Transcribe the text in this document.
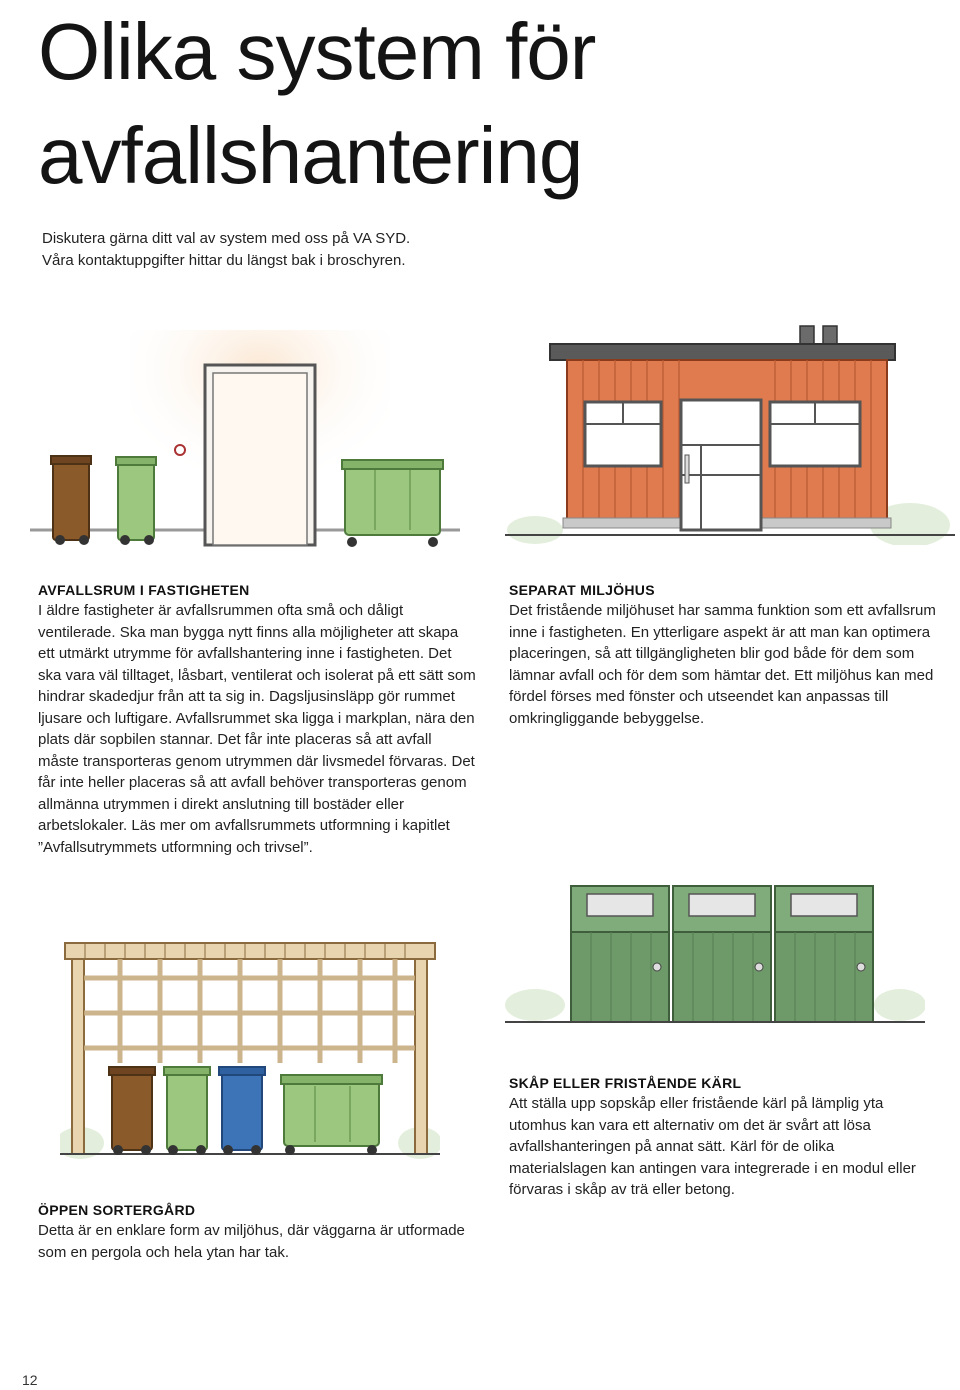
Olika system för avfallshantering
Diskutera gärna ditt val av system med oss på VA SYD.
Våra kontaktuppgifter hittar du längst bak i broschyren.
AVFALLSRUM I FASTIGHETEN

I äldre fastigheter är avfallsrummen ofta små och dåligt ventilerade. Ska man bygga nytt finns alla möjligheter att skapa ett utmärkt utrymme för avfallshantering inne i fastigheten. Det ska vara väl tilltaget, låsbart, ventilerat och isolerat på ett sätt som hindrar skadedjur från att ta sig in. Dagsljusinsläpp gör rummet ljusare och luftigare. Avfallsrummet ska ligga i markplan, nära den plats där sopbilen stannar. Det får inte placeras så att avfall måste transporteras genom utrymmen där livsmedel förvaras. Det får inte heller placeras så att avfall behöver transporteras genom allmänna utrymmen i direkt anslutning till bostäder eller arbetslokaler. Läs mer om avfallsrummets utformning i kapitlet ”Avfallsutrymmets utformning och trivsel”.

SEPARAT MILJÖHUS

Det fristående miljöhuset har samma funktion som ett avfallsrum inne i fastigheten. En ytterligare aspekt är att man kan optimera placeringen, så att tillgängligheten blir god både för dem som lämnar avfall och för dem som hämtar det. Ett miljöhus kan med fördel förses med fönster och utseendet kan anpassas till omkringliggande bebyggelse.

ÖPPEN SORTERGÅRD

Detta är en enklare form av miljöhus, där väggarna är utformade som en pergola och hela ytan har tak.

SKÅP ELLER FRISTÅENDE KÄRL

Att ställa upp sopskåp eller fristående kärl på lämplig yta utomhus kan vara ett alternativ om det är svårt att lösa avfallshanteringen på annat sätt. Kärl för de olika materialslagen kan antingen vara integrerade i en modul eller förvaras i skåp av trä eller betong.

12
